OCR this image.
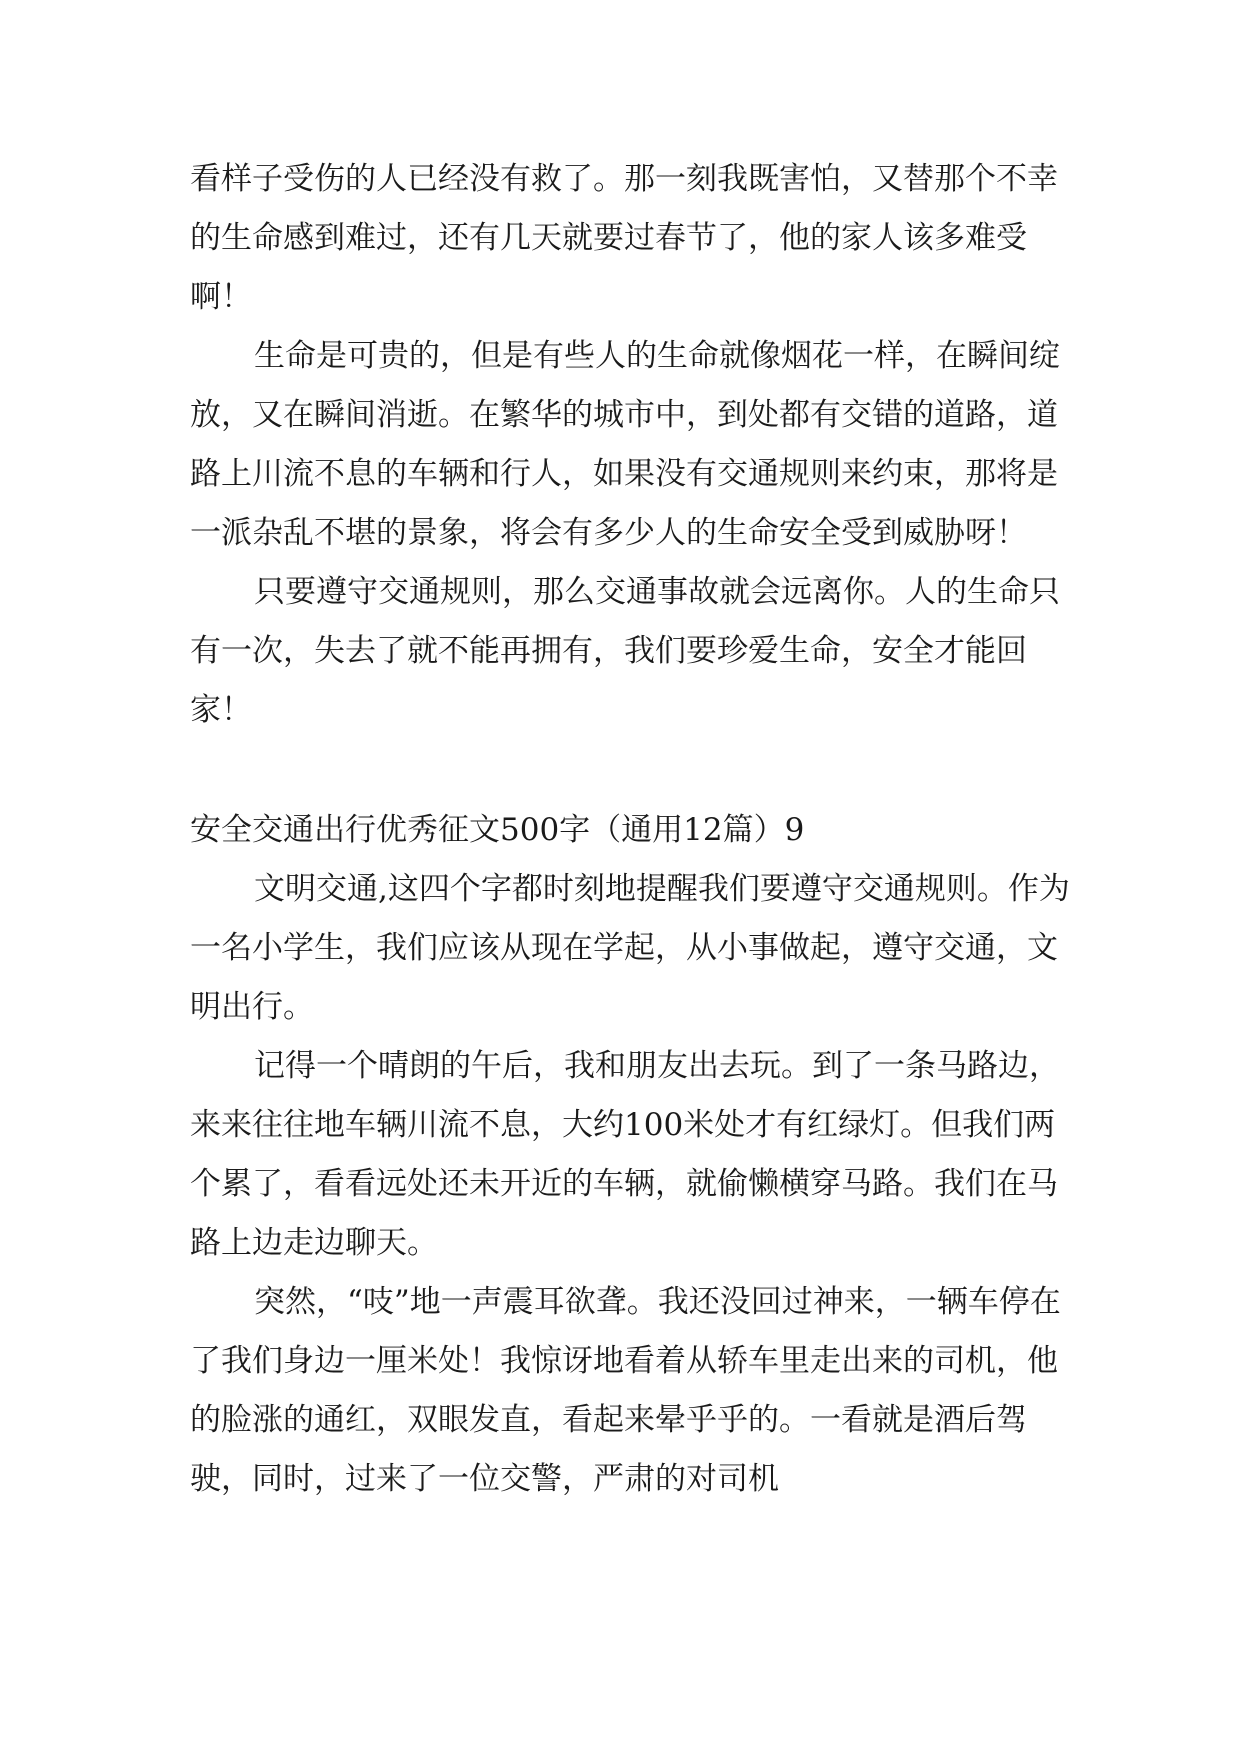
看样子受伤的人已经没有救了。那一刻我既害怕，又替那个不幸的生命感到难过，还有几天就要过春节了，他的家人该多难受啊！

生命是可贵的，但是有些人的生命就像烟花一样，在瞬间绽放，又在瞬间消逝。在繁华的城市中，到处都有交错的道路，道路上川流不息的车辆和行人，如果没有交通规则来约束，那将是一派杂乱不堪的景象，将会有多少人的生命安全受到威胁呀！

只要遵守交通规则，那么交通事故就会远离你。人的生命只有一次，失去了就不能再拥有，我们要珍爱生命，安全才能回家！

安全交通出行优秀征文500字（通用12篇）9

文明交通,这四个字都时刻地提醒我们要遵守交通规则。作为一名小学生，我们应该从现在学起，从小事做起，遵守交通，文明出行。

记得一个晴朗的午后，我和朋友出去玩。到了一条马路边，来来往往地车辆川流不息，大约100米处才有红绿灯。但我们两个累了，看看远处还未开近的车辆，就偷懒横穿马路。我们在马路上边走边聊天。

突然，“吱”地一声震耳欲聋。我还没回过神来，一辆车停在了我们身边一厘米处！我惊讶地看着从轿车里走出来的司机，他的脸涨的通红，双眼发直，看起来晕乎乎的。一看就是酒后驾驶，同时，过来了一位交警，严肃的对司机
